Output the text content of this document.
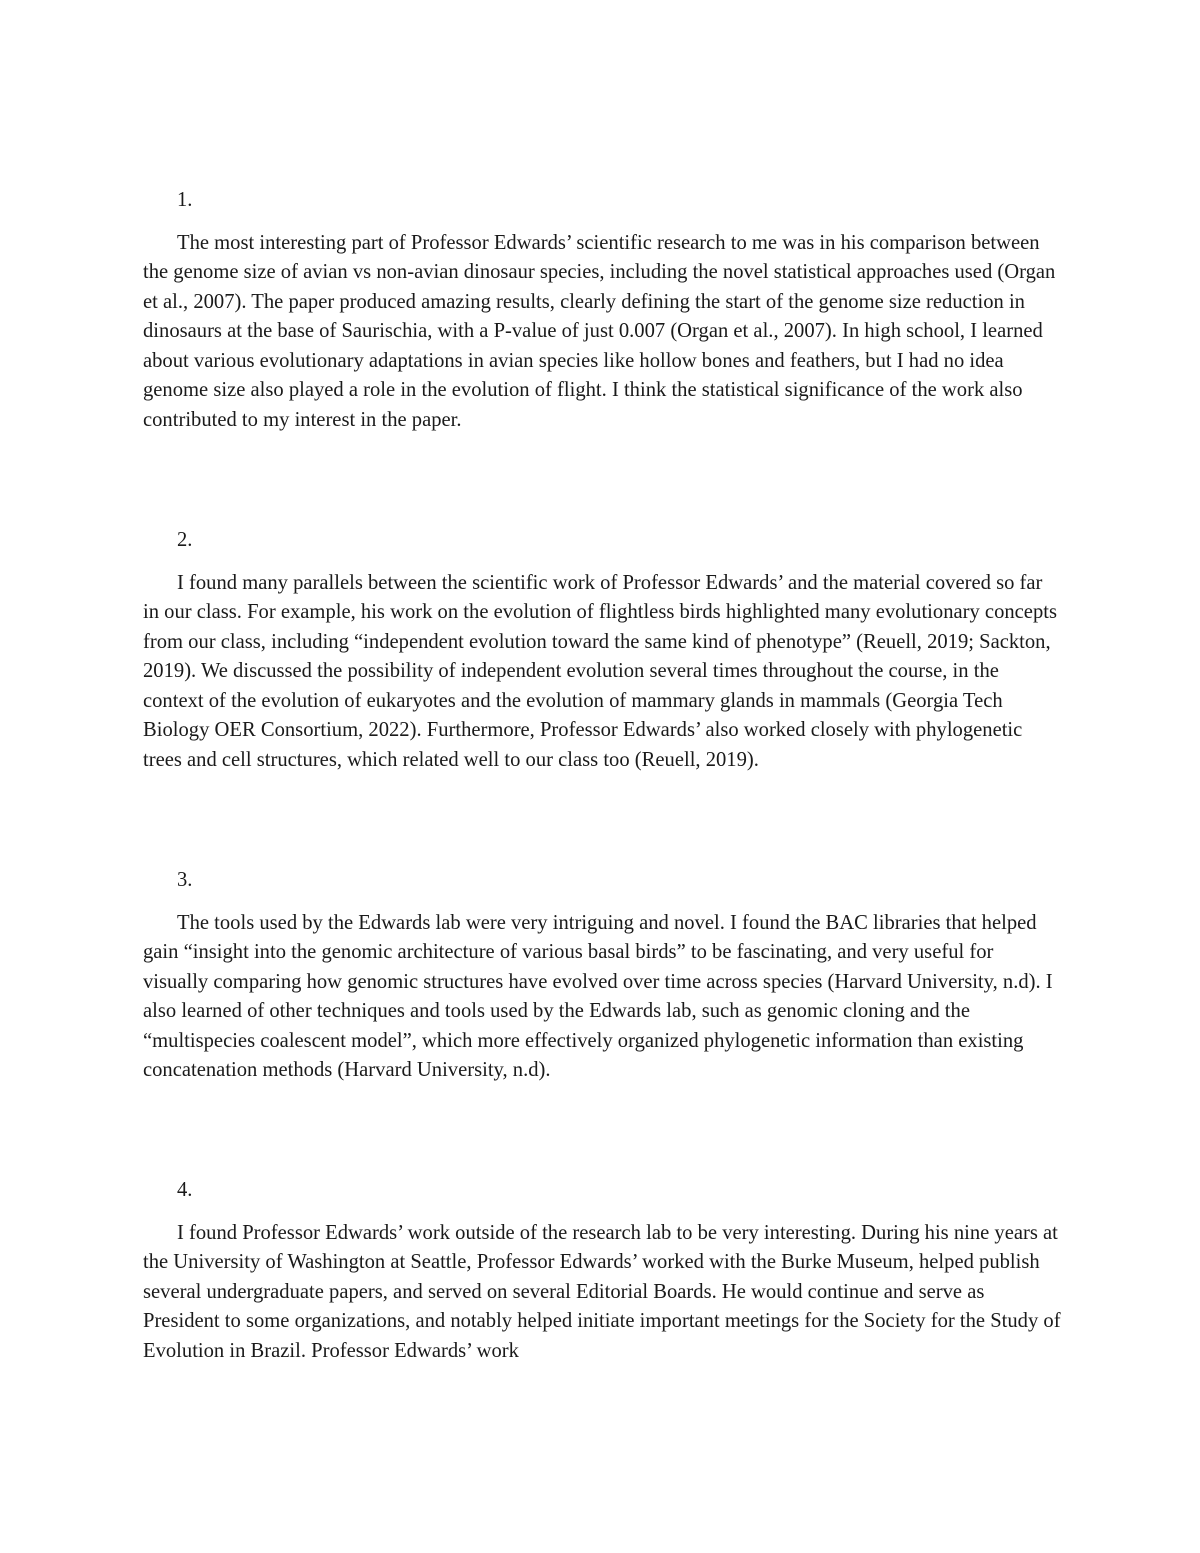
1.

The most interesting part of Professor Edwards’ scientific research to me was in his comparison between the genome size of avian vs non-avian dinosaur species, including the novel statistical approaches used (Organ et al., 2007). The paper produced amazing results, clearly defining the start of the genome size reduction in dinosaurs at the base of Saurischia, with a P-value of just 0.007 (Organ et al., 2007). In high school, I learned about various evolutionary adaptations in avian species like hollow bones and feathers, but I had no idea genome size also played a role in the evolution of flight. I think the statistical significance of the work also contributed to my interest in the paper.

2.

I found many parallels between the scientific work of Professor Edwards’ and the material covered so far in our class. For example, his work on the evolution of flightless birds highlighted many evolutionary concepts from our class, including “independent evolution toward the same kind of phenotype” (Reuell, 2019; Sackton, 2019). We discussed the possibility of independent evolution several times throughout the course, in the context of the evolution of eukaryotes and the evolution of mammary glands in mammals (Georgia Tech Biology OER Consortium, 2022). Furthermore, Professor Edwards’ also worked closely with phylogenetic trees and cell structures, which related well to our class too (Reuell, 2019).

3.

The tools used by the Edwards lab were very intriguing and novel. I found the BAC libraries that helped gain “insight into the genomic architecture of various basal birds” to be fascinating, and very useful for visually comparing how genomic structures have evolved over time across species (Harvard University, n.d). I also learned of other techniques and tools used by the Edwards lab, such as genomic cloning and the “multispecies coalescent model”, which more effectively organized phylogenetic information than existing concatenation methods (Harvard University, n.d).

4.

I found Professor Edwards’ work outside of the research lab to be very interesting. During his nine years at the University of Washington at Seattle, Professor Edwards’ worked with the Burke Museum, helped publish several undergraduate papers, and served on several Editorial Boards. He would continue and serve as President to some organizations, and notably helped initiate important meetings for the Society for the Study of Evolution in Brazil. Professor Edwards’ work
